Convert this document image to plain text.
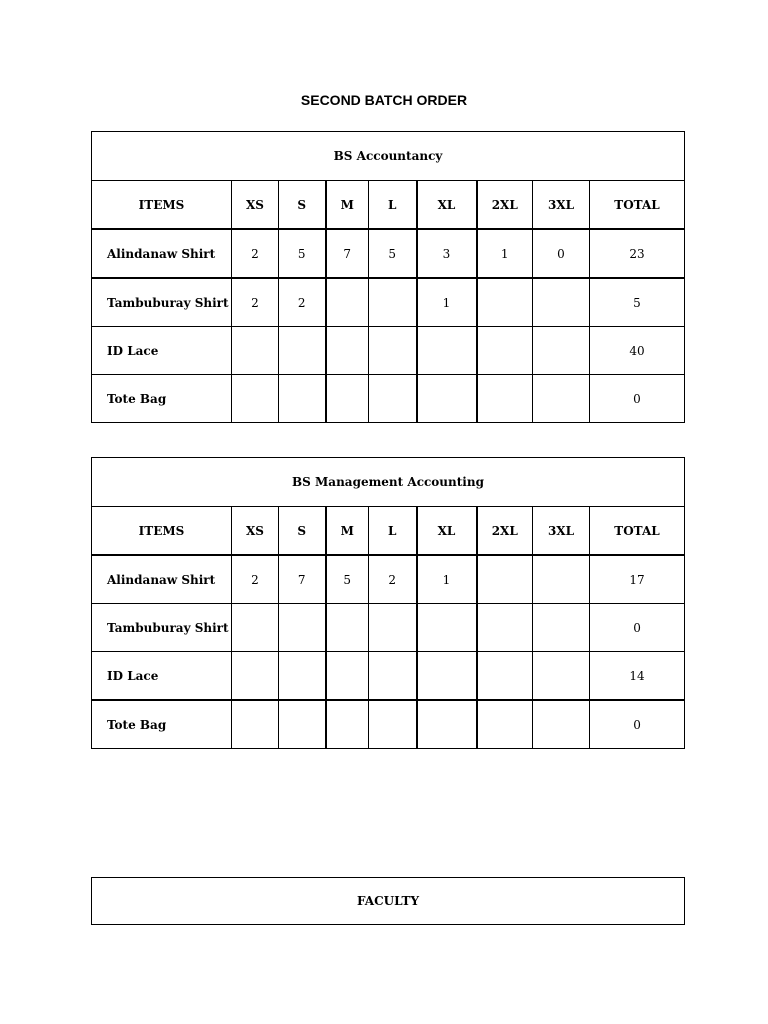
SECOND BATCH ORDER
BS Accountancy								
ITEMS	XS	S	M	L	XL	2XL	3XL	TOTAL
Alindanaw Shirt	2	5	7	5	3	1	0	23
Tambuburay Shirt	2	2			1			5
ID Lace								40
Tote Bag								0
BS Management Accounting								
ITEMS	XS	S	M	L	XL	2XL	3XL	TOTAL
Alindanaw Shirt	2	7	5	2	1			17
Tambuburay Shirt								0
ID Lace								14
Tote Bag								0
FACULTY
